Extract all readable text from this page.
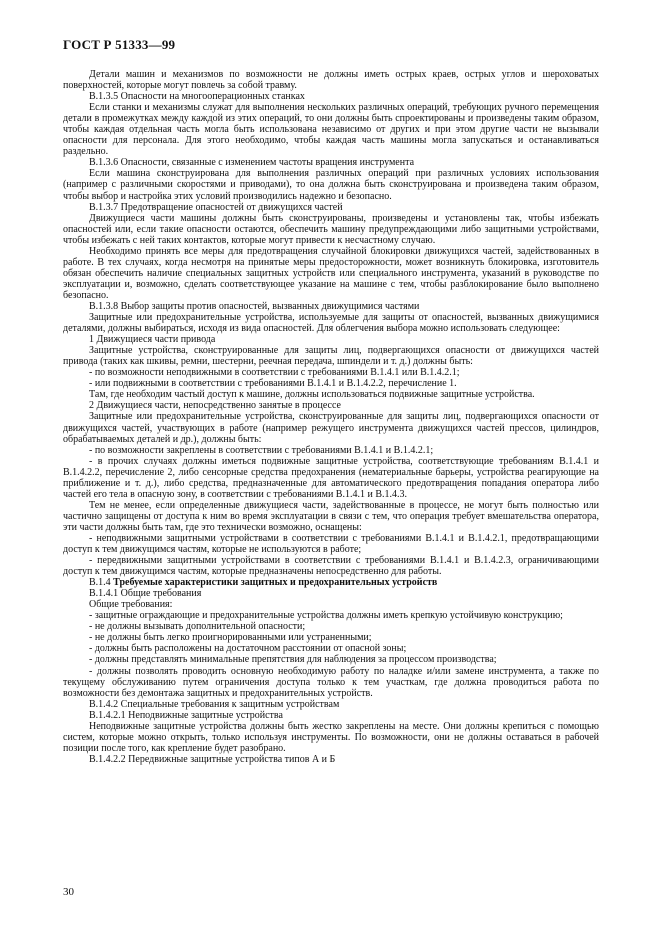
ГОСТ Р 51333—99

Детали машин и механизмов по возможности не должны иметь острых краев, острых углов и шероховатых поверхностей, которые могут повлечь за собой травму.

В.1.3.5 Опасности на многооперационных станках

Если станки и механизмы служат для выполнения нескольких различных операций, требующих ручного перемещения детали в промежутках между каждой из этих операций, то они должны быть спроектированы и произведены таким образом, чтобы каждая отдельная часть могла быть использована независимо от других и при этом другие части не вызывали опасности для персонала. Для этого необходимо, чтобы каждая часть машины могла запускаться и останавливаться раздельно.

В.1.3.6 Опасности, связанные с изменением частоты вращения инструмента

Если машина сконструирована для выполнения различных операций при различных условиях использования (например с различными скоростями и приводами), то она должна быть сконструирована и произведена таким образом, чтобы выбор и настройка этих условий производились надежно и безопасно.

В.1.3.7 Предотвращение опасностей от движущихся частей

Движущиеся части машины должны быть сконструированы, произведены и установлены так, чтобы избежать опасностей или, если такие опасности остаются, обеспечить машину предупреждающими либо защитными устройствами, чтобы избежать с ней таких контактов, которые могут привести к несчастному случаю.

Необходимо принять все меры для предотвращения случайной блокировки движущихся частей, задействованных в работе. В тех случаях, когда несмотря на принятые меры предосторожности, может возникнуть блокировка, изготовитель обязан обеспечить наличие специальных защитных устройств или специального инструмента, указаний в руководстве по эксплуатации и, возможно, сделать соответствующее указание на машине с тем, чтобы разблокирование было выполнено безопасно.

В.1.3.8 Выбор защиты против опасностей, вызванных движущимися частями

Защитные или предохранительные устройства, используемые для защиты от опасностей, вызванных движущимися деталями, должны выбираться, исходя из вида опасностей. Для облегчения выбора можно использовать следующее:

1 Движущиеся части привода

Защитные устройства, сконструированные для защиты лиц, подвергающихся опасности от движущихся частей привода (таких как шкивы, ремни, шестерни, реечная передача, шпиндели и т. д.) должны быть:

- по возможности неподвижными в соответствии с требованиями В.1.4.1 или В.1.4.2.1;

- или подвижными в соответствии с требованиями В.1.4.1 и В.1.4.2.2, перечисление 1.

Там, где необходим частый доступ к машине, должны использоваться подвижные защитные устройства.

2 Движущиеся части, непосредственно занятые в процессе

Защитные или предохранительные устройства, сконструированные для защиты лиц, подвергающихся опасности от движущихся частей, участвующих в работе (например режущего инструмента движущихся частей прессов, цилиндров, обрабатываемых деталей и др.), должны быть:

- по возможности закреплены в соответствии с требованиями В.1.4.1 и В.1.4.2.1;

- в прочих случаях должны иметься подвижные защитные устройства, соответствующие требованиям В.1.4.1 и В.1.4.2.2, перечисление 2, либо сенсорные средства предохранения (нематериальные барьеры, устройства реагирующие на приближение и т. д.), либо средства, предназначенные для автоматического предотвращения попадания оператора либо частей его тела в опасную зону, в соответствии с требованиями В.1.4.1 и В.1.4.3.

Тем не менее, если определенные движущиеся части, задействованные в процессе, не могут быть полностью или частично защищены от доступа к ним во время эксплуатации в связи с тем, что операция требует вмешательства оператора, эти части должны быть там, где это технически возможно, оснащены:

- неподвижными защитными устройствами в соответствии с требованиями В.1.4.1 и В.1.4.2.1, предотвращающими доступ к тем движущимся частям, которые не используются в работе;

- передвижными защитными устройствами в соответствии с требованиями В.1.4.1 и В.1.4.2.3, ограничивающими доступ к тем движущимся частям, которые предназначены непосредственно для работы.

В.1.4 Требуемые характеристики защитных и предохранительных устройств

В.1.4.1 Общие требования

Общие требования:

- защитные ограждающие и предохранительные устройства должны иметь крепкую устойчивую конструкцию;

- не должны вызывать дополнительной опасности;

- не должны быть легко проигнорированными или устраненными;

- должны быть расположены на достаточном расстоянии от опасной зоны;

- должны представлять минимальные препятствия для наблюдения за процессом производства;

- должны позволять проводить основную необходимую работу по наладке и/или замене инструмента, а также по текущему обслуживанию путем ограничения доступа только к тем участкам, где должна проводиться работа по возможности без демонтажа защитных и предохранительных устройств.

В.1.4.2 Специальные требования к защитным устройствам

В.1.4.2.1 Неподвижные защитные устройства

Неподвижные защитные устройства должны быть жестко закреплены на месте. Они должны крепиться с помощью систем, которые можно открыть, только используя инструменты. По возможности, они не должны оставаться в рабочей позиции после того, как крепление будет разобрано.

В.1.4.2.2 Передвижные защитные устройства типов А и Б

30
